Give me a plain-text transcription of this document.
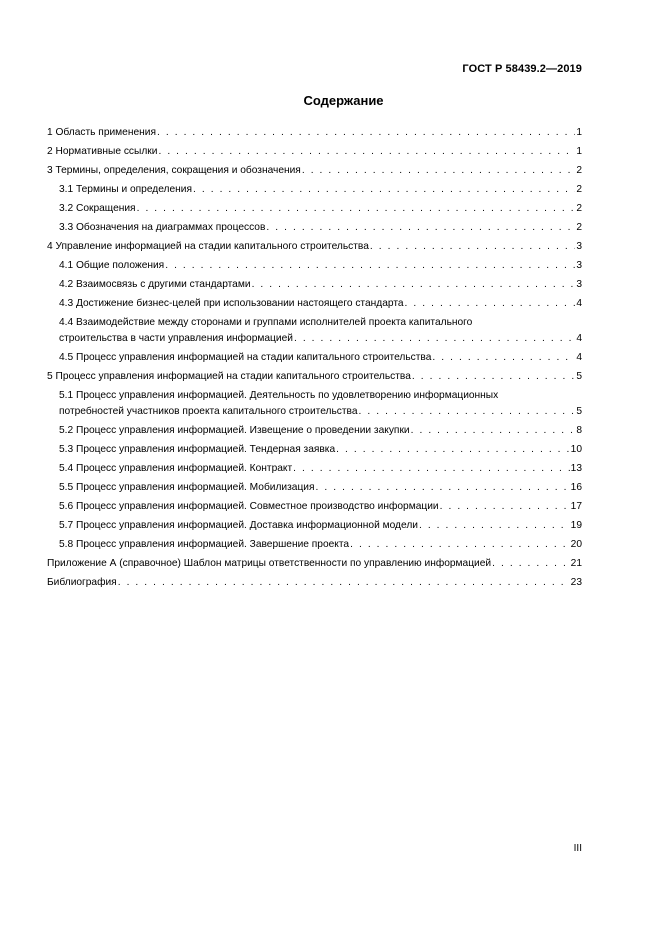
ГОСТ Р 58439.2—2019
Содержание
1 Область применения . . .	1
2 Нормативные ссылки . . .	1
3 Термины, определения, сокращения и обозначения . . .	2
3.1 Термины и определения . . .	2
3.2 Сокращения . . .	2
3.3 Обозначения на диаграммах процессов . . .	2
4 Управление информацией на стадии капитального строительства . . .	3
4.1 Общие положения . . .	3
4.2 Взаимосвязь с другими стандартами . . .	3
4.3 Достижение бизнес-целей при использовании настоящего стандарта . . .	4
4.4 Взаимодействие между сторонами и группами исполнителей проекта капитального
строительства в части управления информацией . . .	4
4.5 Процесс управления информацией на стадии капитального строительства . . .	4
5 Процесс управления информацией на стадии капитального строительства . . .	5
5.1 Процесс управления информацией. Деятельность по удовлетворению информационных
потребностей участников проекта капитального строительства . . .	5
5.2 Процесс управления информацией. Извещение о проведении закупки . . .	8
5.3 Процесс управления информацией. Тендерная заявка . . .	10
5.4 Процесс управления информацией. Контракт . . .	13
5.5 Процесс управления информацией. Мобилизация . . .	16
5.6 Процесс управления информацией. Совместное производство информации . . .	17
5.7 Процесс управления информацией. Доставка информационной модели . . .	19
5.8 Процесс управления информацией. Завершение проекта . . .	20
Приложение А (справочное) Шаблон матрицы ответственности по управлению информацией . . .	21
Библиография . . .	23
III
